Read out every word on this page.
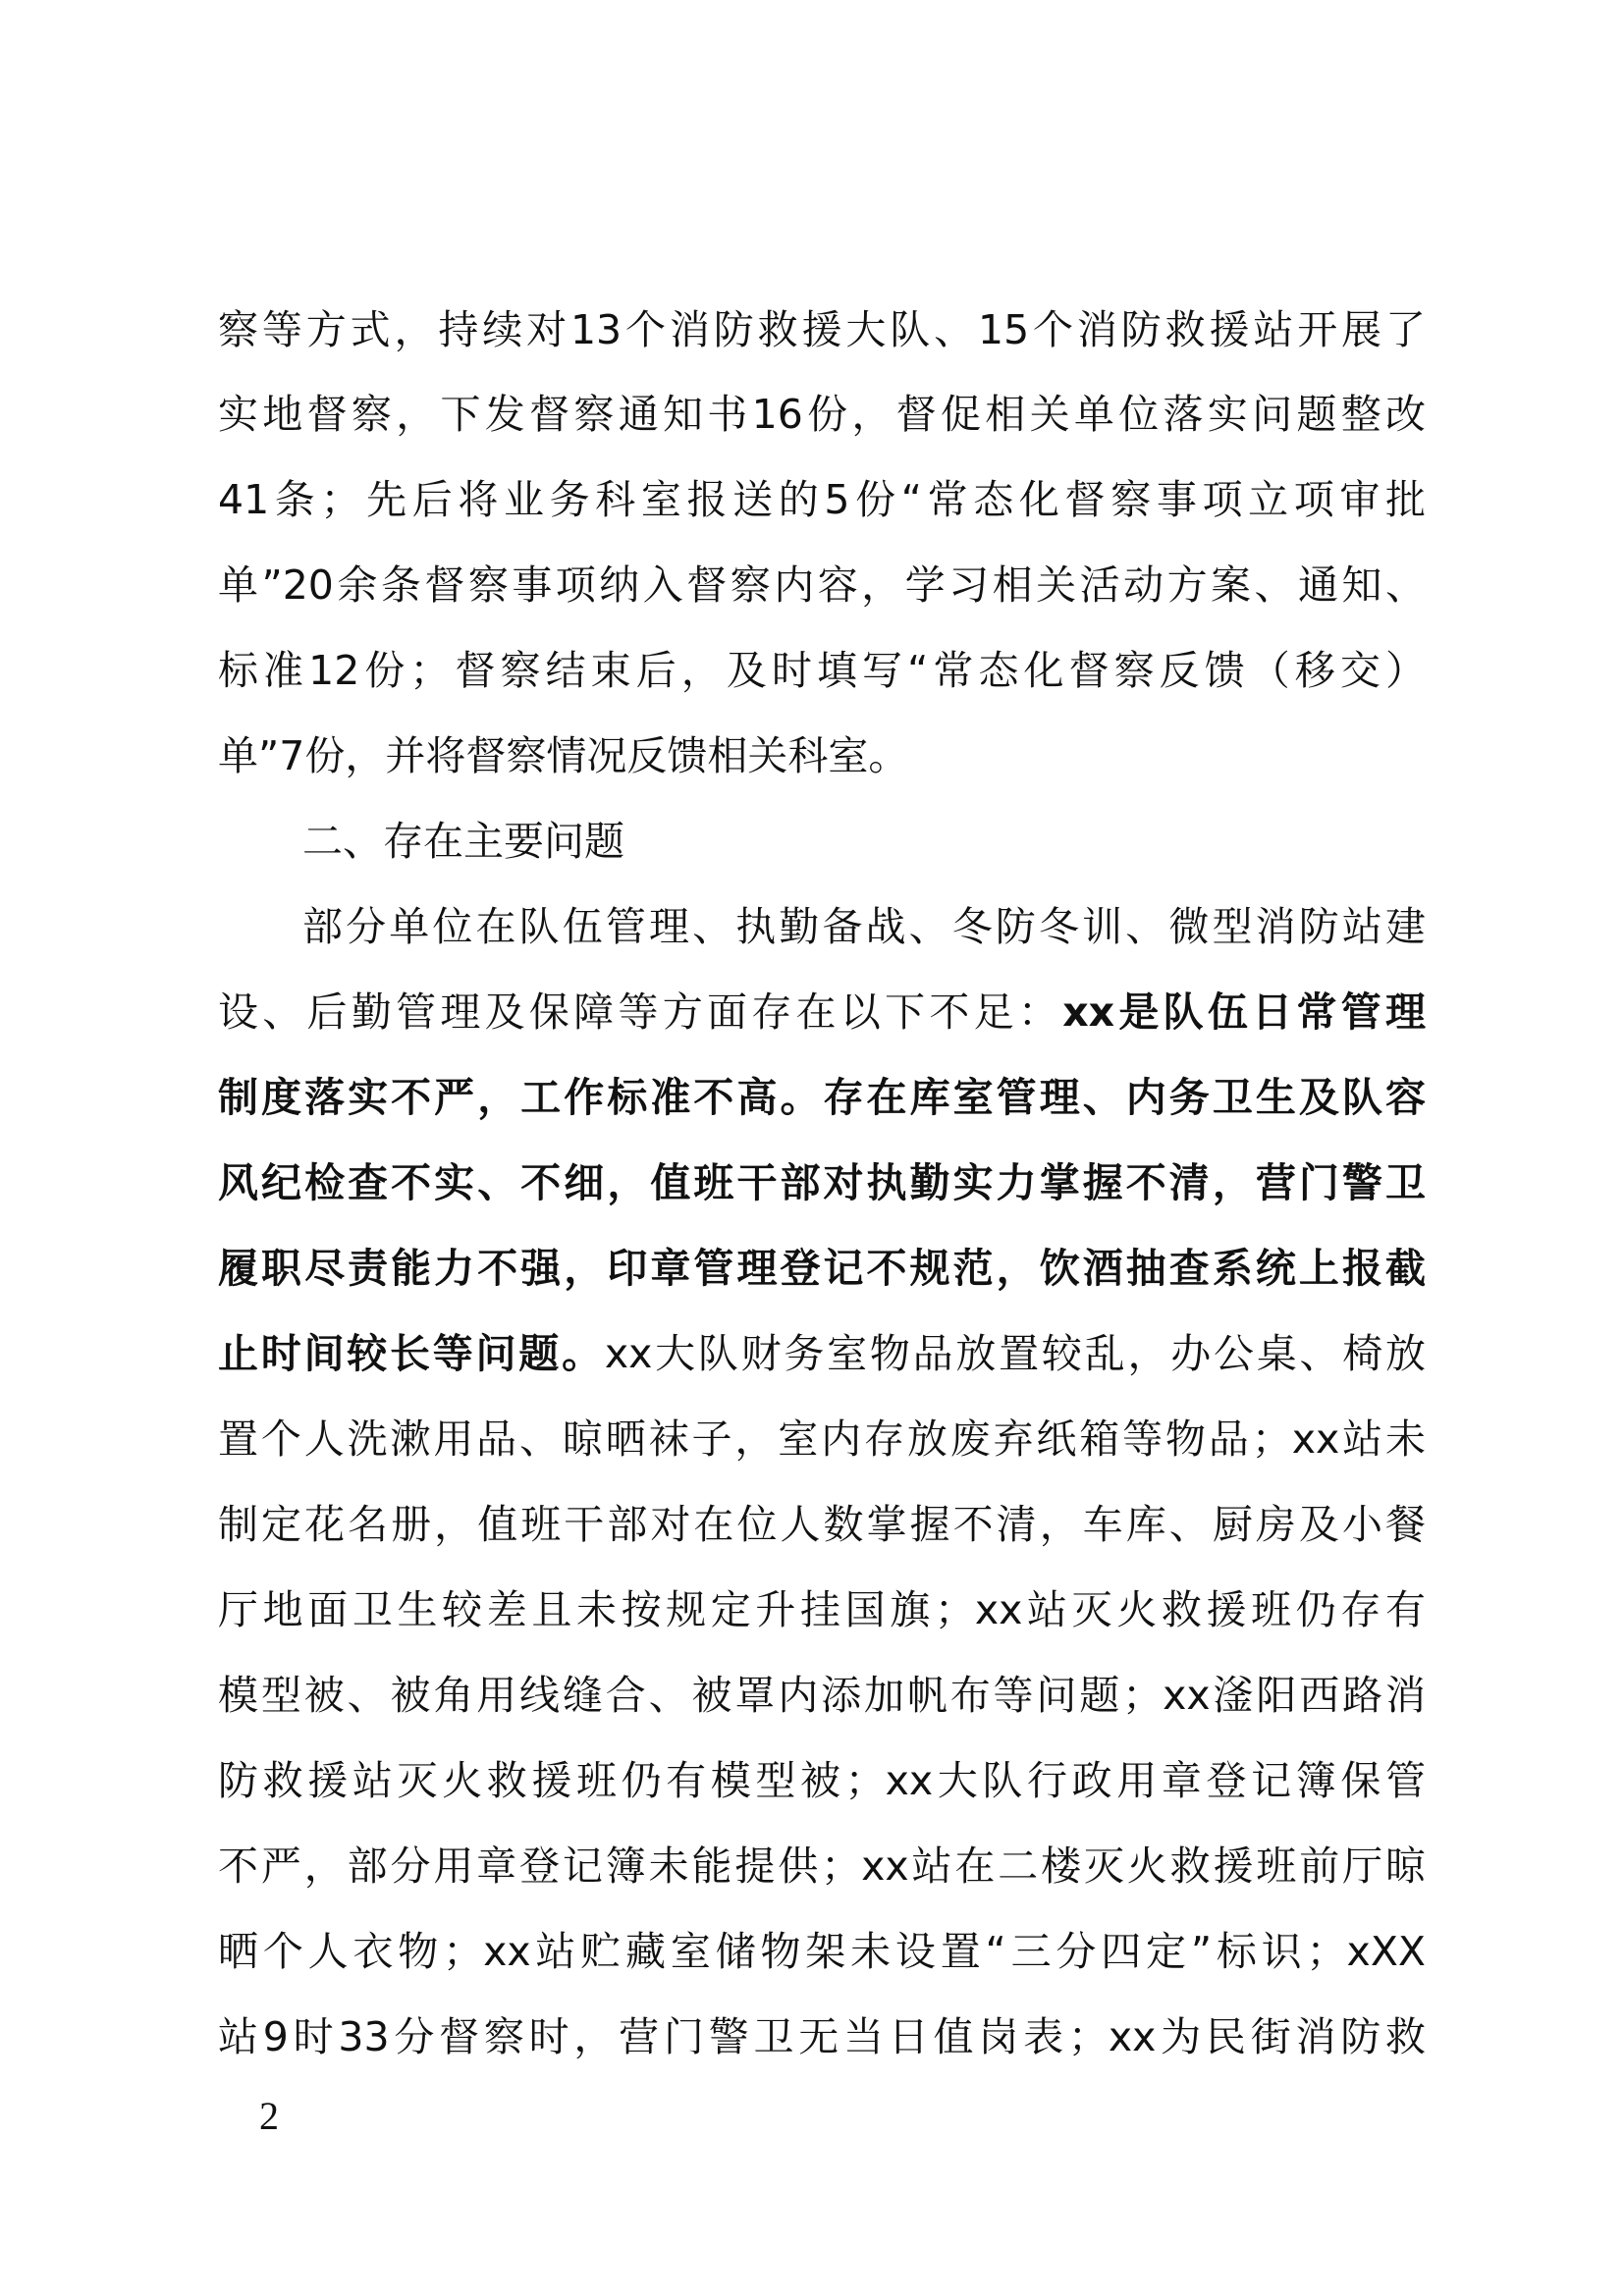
察等方式，持续对13个消防救援大队、15个消防救援站开展了
实地督察，下发督察通知书16份，督促相关单位落实问题整改
41条；先后将业务科室报送的5份“常态化督察事项立项审批
单”20余条督察事项纳入督察内容，学习相关活动方案、通知、
标准12份；督察结束后，及时填写“常态化督察反馈（移交）
单”7份，并将督察情况反馈相关科室。
二、存在主要问题
部分单位在队伍管理、执勤备战、冬防冬训、微型消防站建
设、后勤管理及保障等方面存在以下不足：xx是队伍日常管理
制度落实不严，工作标准不高。存在库室管理、内务卫生及队容
风纪检查不实、不细，值班干部对执勤实力掌握不清，营门警卫
履职尽责能力不强，印章管理登记不规范，饮酒抽查系统上报截
止时间较长等问题。xx大队财务室物品放置较乱，办公桌、椅放
置个人洗漱用品、晾晒袜子，室内存放废弃纸箱等物品；xx站未
制定花名册，值班干部对在位人数掌握不清，车库、厨房及小餐
厅地面卫生较差且未按规定升挂国旗；xx站灭火救援班仍存有
模型被、被角用线缝合、被罩内添加帆布等问题；xx滏阳西路消
防救援站灭火救援班仍有模型被；xx大队行政用章登记簿保管
不严，部分用章登记簿未能提供；xx站在二楼灭火救援班前厅晾
晒个人衣物；xx站贮藏室储物架未设置“三分四定”标识；xXX
站9时33分督察时，营门警卫无当日值岗表；xx为民街消防救
2
